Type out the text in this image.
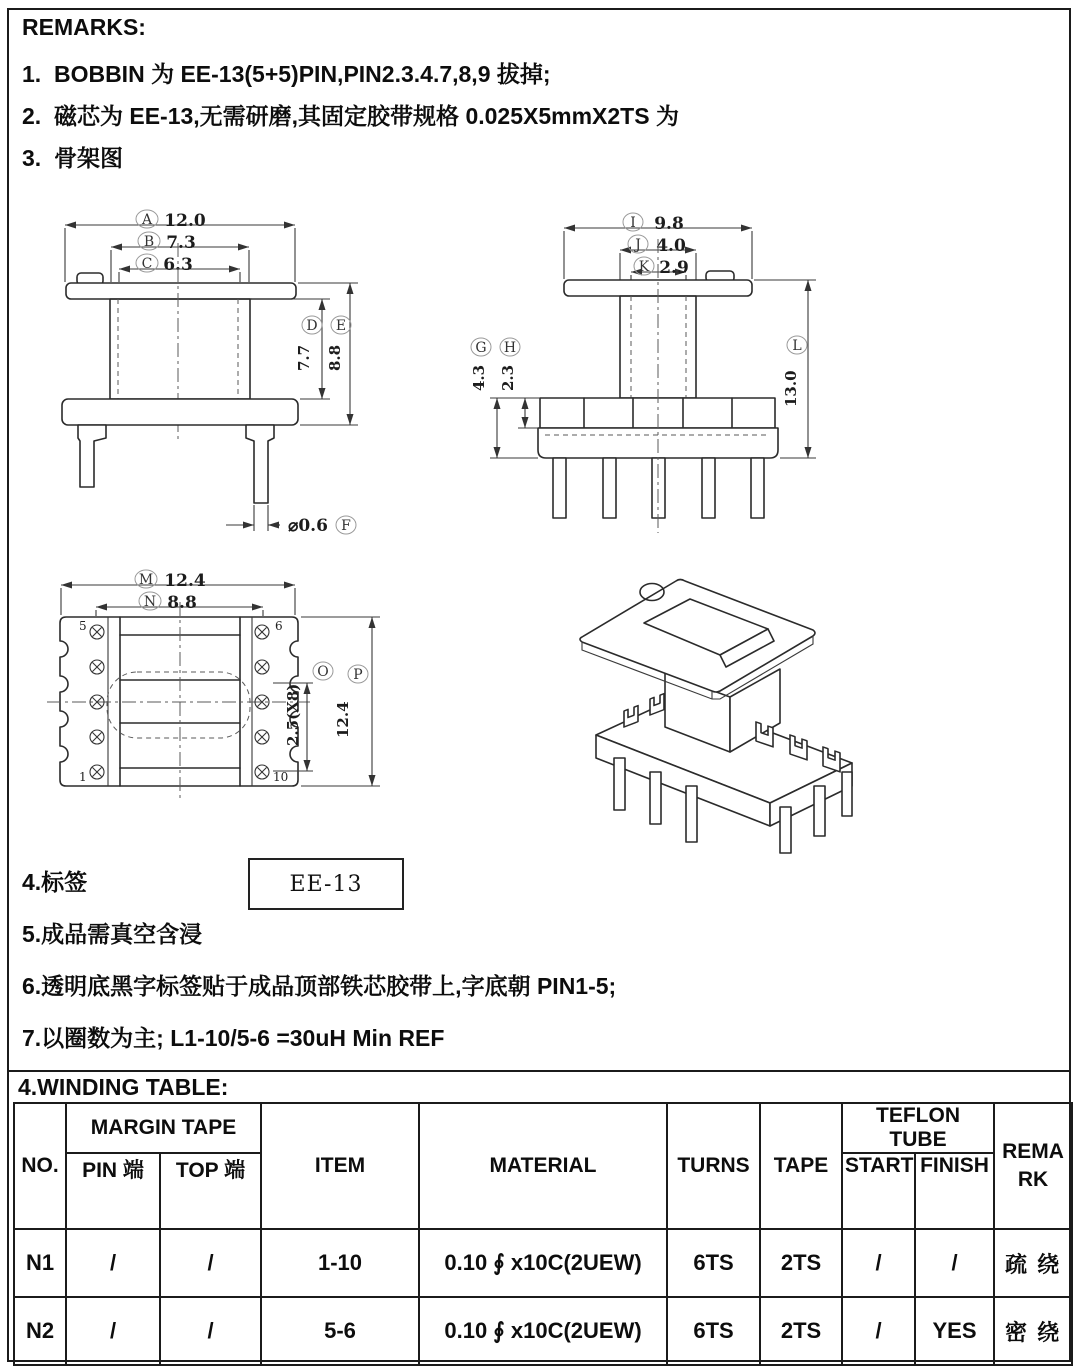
REMARKS:
1.  BOBBIN 为 EE-13(5+5)PIN,PIN2.3.4.7,8,9 拔掉;
2.  磁芯为 EE-13,无需研磨,其固定胶带规格 0.025X5mmX2TS 为
3.  骨架图
A 12.0
B 7.3
C 6.3
D
7.7
E
8.8
⌀0.6 F
I 9.8
J 4.0
K 2.9
G
4.3
H
2.3
L
13.0
M 12.4
N 8.8
5	6
1	10
O
2.5(X8)
P
12.4
4.标签	EE-13
5.成品需真空含浸
6.透明底黑字标签贴于成品顶部铁芯胶带上,字底朝 PIN1-5;
7.以圈数为主; L1-10/5-6 =30uH Min REF
4.WINDING TABLE:
NO.	MARGIN TAPE		ITEM	MATERIAL	TURNS	TAPE	TEFLON TUBE		REMARK
	PIN 端	TOP 端					START	FINISH	
N1	/	/	1-10	0.10 ∮ x10C(2UEW)	6TS	2TS	/	/	疏 绕
N2	/	/	5-6	0.10 ∮ x10C(2UEW)	6TS	2TS	/	YES	密 绕
